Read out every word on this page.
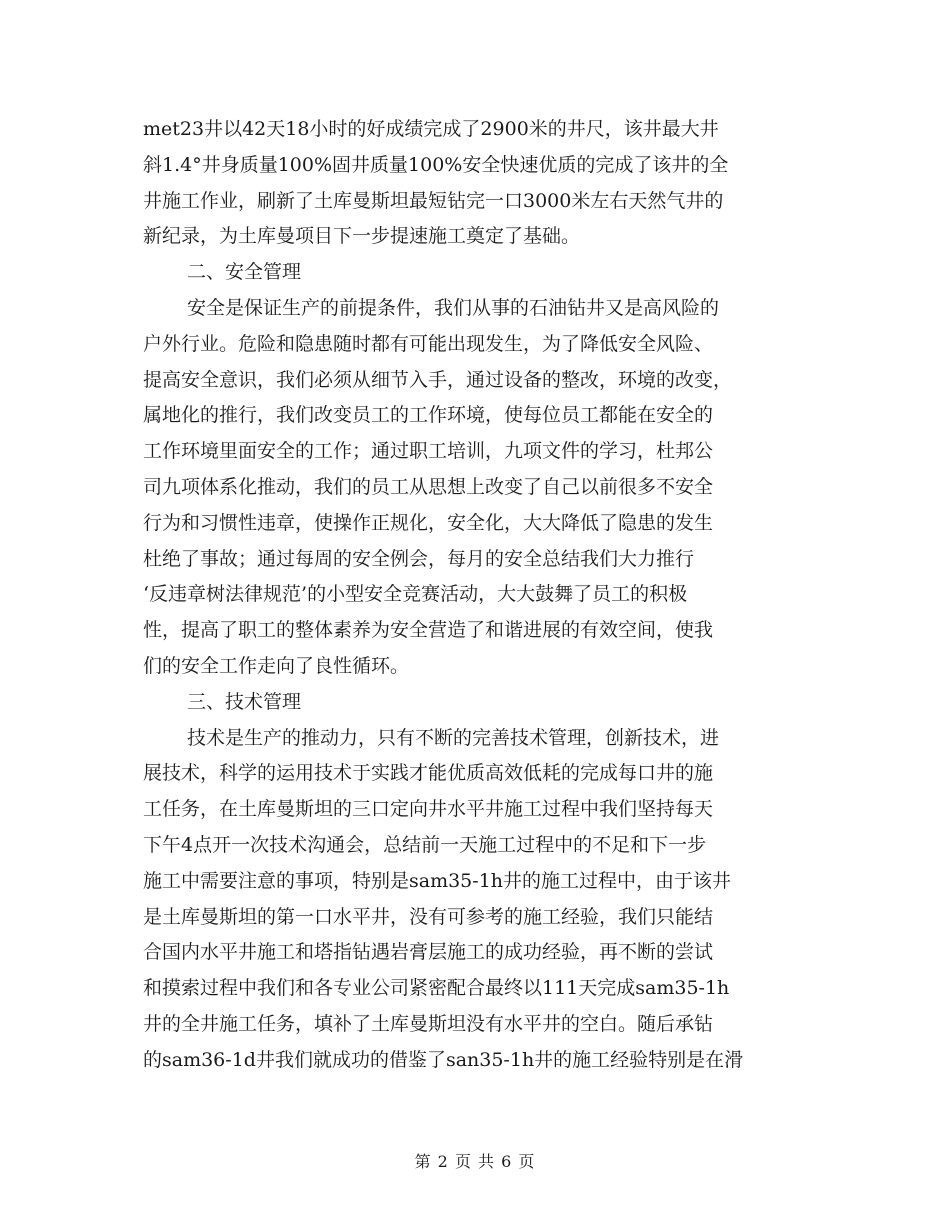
met23井以42天18小时的好成绩完成了2900米的井尺，该井最大井
斜1.4°井身质量100%固井质量100%安全快速优质的完成了该井的全
井施工作业，刷新了土库曼斯坦最短钻完一口3000米左右天然气井的
新纪录，为土库曼项目下一步提速施工奠定了基础。
二、安全管理
安全是保证生产的前提条件，我们从事的石油钻井又是高风险的
户外行业。危险和隐患随时都有可能出现发生，为了降低安全风险、
提高安全意识，我们必须从细节入手，通过设备的整改，环境的改变，
属地化的推行，我们改变员工的工作环境，使每位员工都能在安全的
工作环境里面安全的工作；通过职工培训，九项文件的学习，杜邦公
司九项体系化推动，我们的员工从思想上改变了自己以前很多不安全
行为和习惯性违章，使操作正规化，安全化，大大降低了隐患的发生
杜绝了事故；通过每周的安全例会，每月的安全总结我们大力推行
‘反违章树法律规范’的小型安全竞赛活动，大大鼓舞了员工的积极
性，提高了职工的整体素养为安全营造了和谐进展的有效空间，使我
们的安全工作走向了良性循环。
三、技术管理
技术是生产的推动力，只有不断的完善技术管理，创新技术，进
展技术，科学的运用技术于实践才能优质高效低耗的完成每口井的施
工任务，在土库曼斯坦的三口定向井水平井施工过程中我们坚持每天
下午4点开一次技术沟通会，总结前一天施工过程中的不足和下一步
施工中需要注意的事项，特别是sam35-1h井的施工过程中，由于该井
是土库曼斯坦的第一口水平井，没有可参考的施工经验，我们只能结
合国内水平井施工和塔指钻遇岩膏层施工的成功经验，再不断的尝试
和摸索过程中我们和各专业公司紧密配合最终以111天完成sam35-1h
井的全井施工任务，填补了土库曼斯坦没有水平井的空白。随后承钻
的sam36-1d井我们就成功的借鉴了san35-1h井的施工经验特别是在滑
第 2 页 共 6 页
